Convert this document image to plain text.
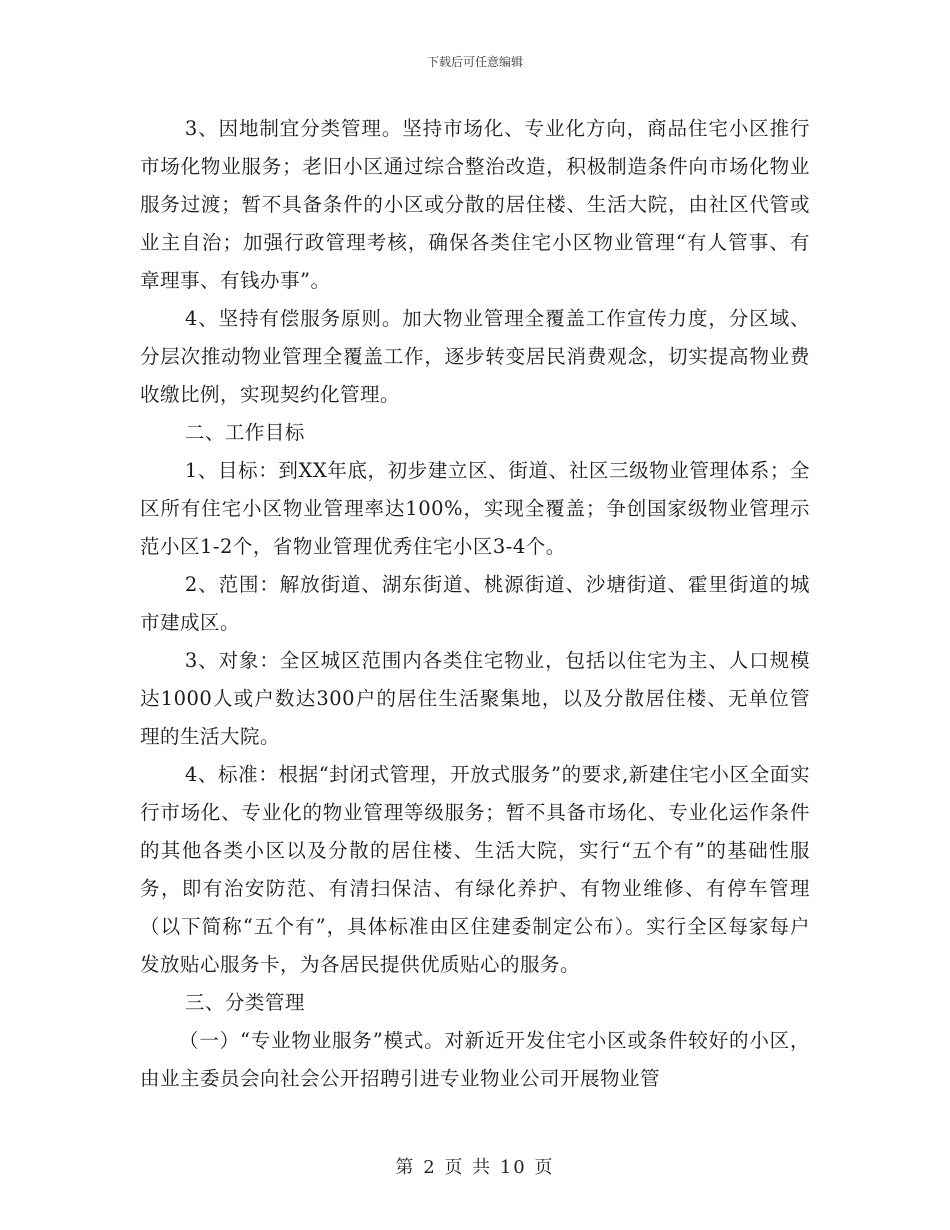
下载后可任意编辑

3、因地制宜分类管理。坚持市场化、专业化方向，商品住宅小区推行市场化物业服务；老旧小区通过综合整治改造，积极制造条件向市场化物业服务过渡；暂不具备条件的小区或分散的居住楼、生活大院，由社区代管或业主自治；加强行政管理考核，确保各类住宅小区物业管理“有人管事、有章理事、有钱办事”。

4、坚持有偿服务原则。加大物业管理全覆盖工作宣传力度，分区域、分层次推动物业管理全覆盖工作，逐步转变居民消费观念，切实提高物业费收缴比例，实现契约化管理。

二、工作目标

1、目标：到XX年底，初步建立区、街道、社区三级物业管理体系；全区所有住宅小区物业管理率达100%，实现全覆盖；争创国家级物业管理示范小区1-2个，省物业管理优秀住宅小区3-4个。

2、范围：解放街道、湖东街道、桃源街道、沙塘街道、霍里街道的城市建成区。

3、对象：全区城区范围内各类住宅物业，包括以住宅为主、人口规模达1000人或户数达300户的居住生活聚集地，以及分散居住楼、无单位管理的生活大院。

4、标准：根据“封闭式管理，开放式服务”的要求,新建住宅小区全面实行市场化、专业化的物业管理等级服务；暂不具备市场化、专业化运作条件的其他各类小区以及分散的居住楼、生活大院，实行“五个有”的基础性服务，即有治安防范、有清扫保洁、有绿化养护、有物业维修、有停车管理（以下简称“五个有”，具体标准由区住建委制定公布）。实行全区每家每户发放贴心服务卡，为各居民提供优质贴心的服务。

三、分类管理

（一）“专业物业服务”模式。对新近开发住宅小区或条件较好的小区，由业主委员会向社会公开招聘引进专业物业公司开展物业管

第 2 页 共 10 页
